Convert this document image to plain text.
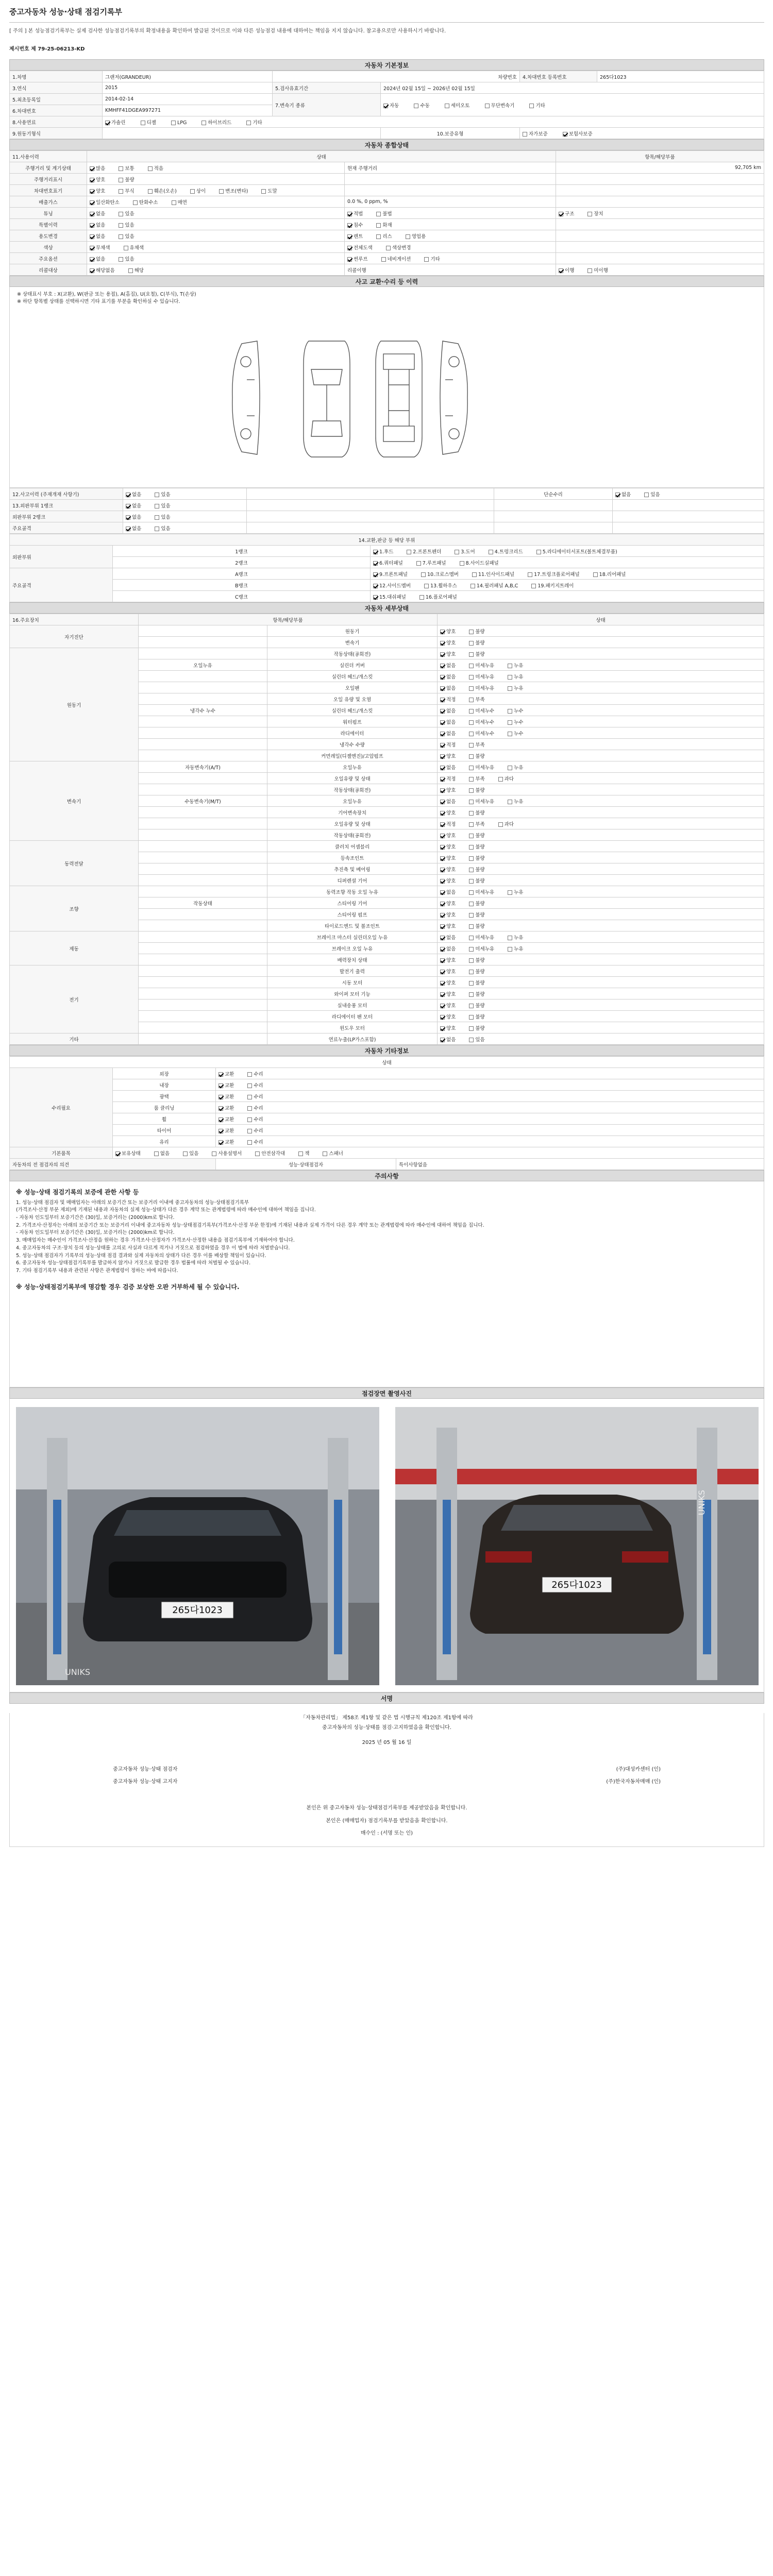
중고자동차 성능·상태 점검기록부
[ 주의 ] 본 성능점검기록부는 실제 검사한 성능점검기록부의 확정내용을 확인하여 발급된 것이므로 이와 다른 성능점검 내용에 대하여는 책임을 지지 않습니다. 참고용으로만 사용하시기 바랍니다.
제시번호 제 79-25-06213-KD
자동차 기본정보
1.차명	그랜저(GRANDEUR)	차량번호		4.차대번호 등록번호	265다1023
3.연식	2015	5.검사유효기간	2024년 02월 15일 ~ 2026년 02월 15일		
5.최초등록일	2014-02-14	7.변속기 종류	자동 수동 세미오토 무단변속기 기타		
6.차대번호	KMHFF41DGEA997271				
8.사용연료	가솔린 디젤 LPG 하이브리드 기타				
9.원동기형식			10.보증유형	자가보증 보험사보증	
자동차 종합상태
11.사용이력	상태		항목/해당부품
주행거리 및 계기상태	많음 보통 적음	현재 주행거리	92,705 km
주행거리표시	양호 불량		
차대번호표기	양호 부식 훼손(오손) 상이 변조(변타) 도말		
배출가스	일산화탄소 탄화수소 매연	0.0 %, 0 ppm, %	
튜닝	없음 있음	적법 불법	구조 장치
특별이력	없음 있음	침수 화재	
용도변경	없음 있음	렌트 리스 영업용	
색상	무채색 유채색	전체도색 색상변경	
주요옵션	없음 있음	썬루프 네비게이션 기타	
리콜대상	해당없음 해당	리콜이행	이행 미이행
사고 교환·수리 등 이력
※ 상태표시 부호 : X(교환), W(판금 또는 용접), A(흠집), U(요철), C(부식), T(손상)
※ 하단 항목별 상태를 선택하시면 기타 표기를 부분을 확인하실 수 있습니다.
12.사고이력 (주재개재 사항기)	없음 있음		단순수리	없음 있음
13.외판부위 1랭크	없음 있음			
외판부위 2랭크	없음 있음			
주요골격	없음 있음			
14.교환,판금 등 해당 부위		
외판부위	1랭크	1.후드 2.프론트펜더 3.도어 4.트렁크리드 5.라디에이터서포트(볼트체결부품)
	2랭크	6.쿼터패널 7.루프패널 8.사이드실패널
주요골격	A랭크	9.프론트패널 10.크로스멤버 11.인사이드패널 17.트렁크플로어패널 18.리어패널
	B랭크	12.사이드멤버 13.휠하우스 14.필러패널 A,B,C 19.패키지트레이
	C랭크	15.대쉬패널 16.플로어패널
자동차 세부상태
16.주요장치	항목/해당부품		상태
자기진단		원동기	양호 불량
		변속기	양호 불량
원동기		작동상태(공회전)	양호 불량
	오일누유	실린더 커버	없음 미세누유 누유
		실린더 헤드/개스킷	없음 미세누유 누유
		오일팬	없음 미세누유 누유
		오일 유량 및 오염	적정 부족
	냉각수 누수	실린더 헤드/개스킷	없음 미세누수 누수
		워터펌프	없음 미세누수 누수
		라디에이터	없음 미세누수 누수
		냉각수 수량	적정 부족
		커먼레일(디젤엔진)/고압펌프	양호 불량
변속기	자동변속기(A/T)	오일누유	없음 미세누유 누유
		오일유량 및 상태	적정 부족 과다
		작동상태(공회전)	양호 불량
	수동변속기(M/T)	오일누유	없음 미세누유 누유
		기어변속장치	양호 불량
		오일유량 및 상태	적정 부족 과다
		작동상태(공회전)	양호 불량
동력전달		클러치 어셈블리	양호 불량
		등속조인트	양호 불량
		추진축 및 베어링	양호 불량
		디퍼렌셜 기어	양호 불량
조향		동력조향 작동 오일 누유	없음 미세누유 누유
	작동상태	스티어링 기어	양호 불량
		스티어링 펌프	양호 불량
		타이로드엔드 및 볼조인트	양호 불량
제동		브레이크 마스터 실린더오일 누유	없음 미세누유 누유
		브레이크 오일 누유	없음 미세누유 누유
		배력장치 상태	양호 불량
전기		발전기 출력	양호 불량
		시동 모터	양호 불량
		와이퍼 모터 기능	양호 불량
		실내송풍 모터	양호 불량
		라디에이터 팬 모터	양호 불량
		윈도우 모터	양호 불량
기타		연료누출(LP가스포함)	없음 있음
자동차 기타정보
상태			
수리필요	외장	교환 수리	
	내장	교환 수리	
	광택	교환 수리	
	룸 클리닝	교환 수리	
	휠	교환 수리	
	타이어	교환 수리	
	유리	교환 수리	
기본품목	보유상태 없음 있음 사용설명서 안전삼각대 잭 스패너		
자동차의 전 점검자의 의견		성능·상태점검자	특이사항없음
주의사항
※ 성능·상태 점검기록의 보증에 관한 사항 등
1. 성능·상태 점검자 및 매매업자는 아래의 보증기간 또는 보증거리 이내에 중고자동차의 성능·상태점검기록부
(가격조사·산정 부문 제외)에 기재된 내용과 자동차의 실제 성능·상태가 다른 경우 계약 또는 관계법령에 따라 매수인에 대하여 책임을 집니다.
- 자동차 인도일부터 보증기간은 (30)일, 보증거리는 (2000)km로 합니다.
2. 가격조사·산정자는 아래의 보증기간 또는 보증거리 이내에 중고자동차 성능·상태점검기록부(가격조사·산정 부문 한정)에 기재된 내용과 실제 가격이 다른 경우 계약 또는 관계법령에 따라 매수인에 대하여 책임을 집니다.
- 자동차 인도일부터 보증기간은 (30)일, 보증거리는 (2000)km로 합니다.
3. 매매업자는 매수인이 가격조사·산정을 원하는 경우 가격조사·산정자가 가격조사·산정한 내용을 점검기록부에 기재하여야 합니다.
4. 중고자동차의 구조·장치 등의 성능·상태를 고의로 사실과 다르게 적거나 거짓으로 점검하였을 경우 이 법에 따라 처벌받습니다.
5. 성능·상태 점검자가 기록부의 성능·상태 점검 결과와 실제 자동차의 상태가 다른 경우 이를 배상할 책임이 있습니다.
6. 중고자동차 성능·상태점검기록부를 발급하지 않거나 거짓으로 발급한 경우 법률에 따라 처벌될 수 있습니다.
7. 기타 점검기록부 내용과 관련된 사항은 관계법령이 정하는 바에 따릅니다.
※ 성능·상태점검기록부에 명감할 경우 검증 보상한 오판 거부하세 될 수 있습니다.
점검장면 촬영사진
265다1023
UNIKS
265다1023
UNIKS
서명
「자동차관리법」 제58조 제1항 및 같은 법 시행규칙 제120조 제1항에 따라
중고자동차의 성능·상태를 점검·고지하였음을 확인합니다.
2025 년 05 월 16 일
중고자동차 성능·상태 점검자	(주)대성카센터 (인)
중고자동차 성능·상태 고지자	(주)한국자동차매매 (인)
본인은 위 중고자동차 성능·상태점검기록부를 제공받았음을 확인합니다.
본인은 (매매업자) 점검기록부를 받았음을 확인합니다.
매수인 : (서명 또는 인)
